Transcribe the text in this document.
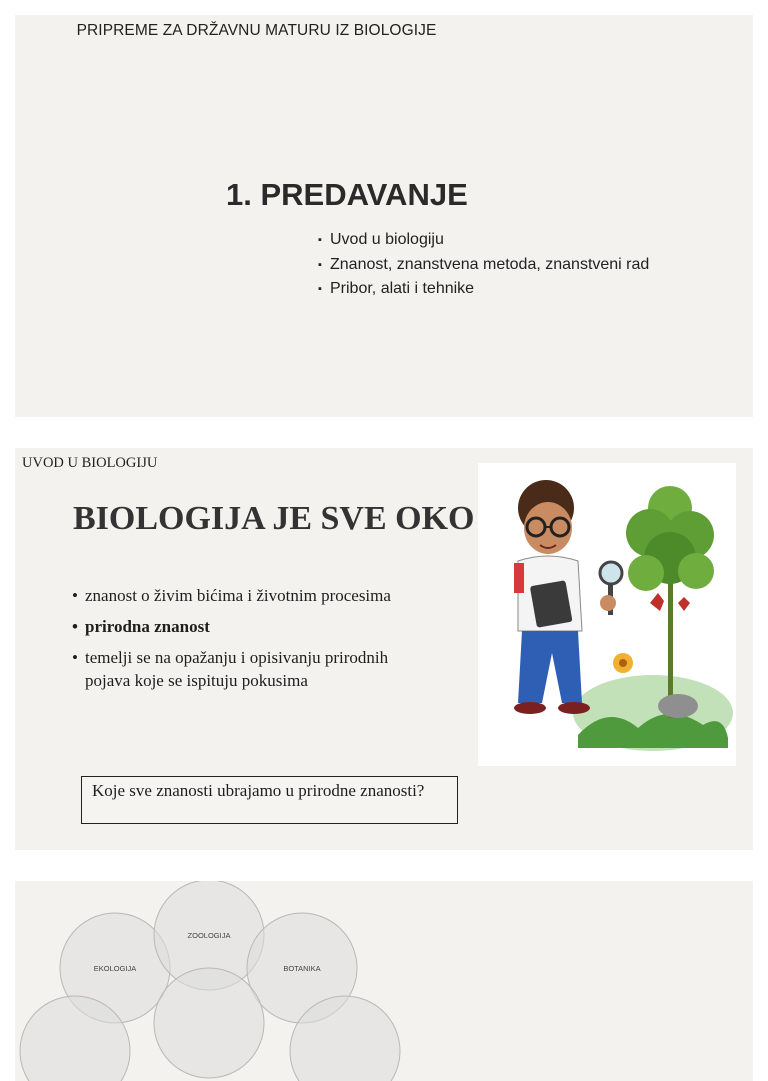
PRIPREME ZA DRŽAVNU MATURU IZ BIOLOGIJE
1. PREDAVANJE
▪ Uvod u biologiju
▪ Znanost, znanstvena metoda, znanstveni rad
▪ Pribor, alati i tehnike
UVOD U BIOLOGIJU
BIOLOGIJA JE SVE OKO
• znanost o živim bićima i životnim procesima
• prirodna znanost
• temelji se na opažanju i opisivanju prirodnih pojava koje se ispituju pokusima
Koje sve znanosti ubrajamo u prirodne znanosti?
ZOOLOGIJA
EKOLOGIJA	BOTANIKA
